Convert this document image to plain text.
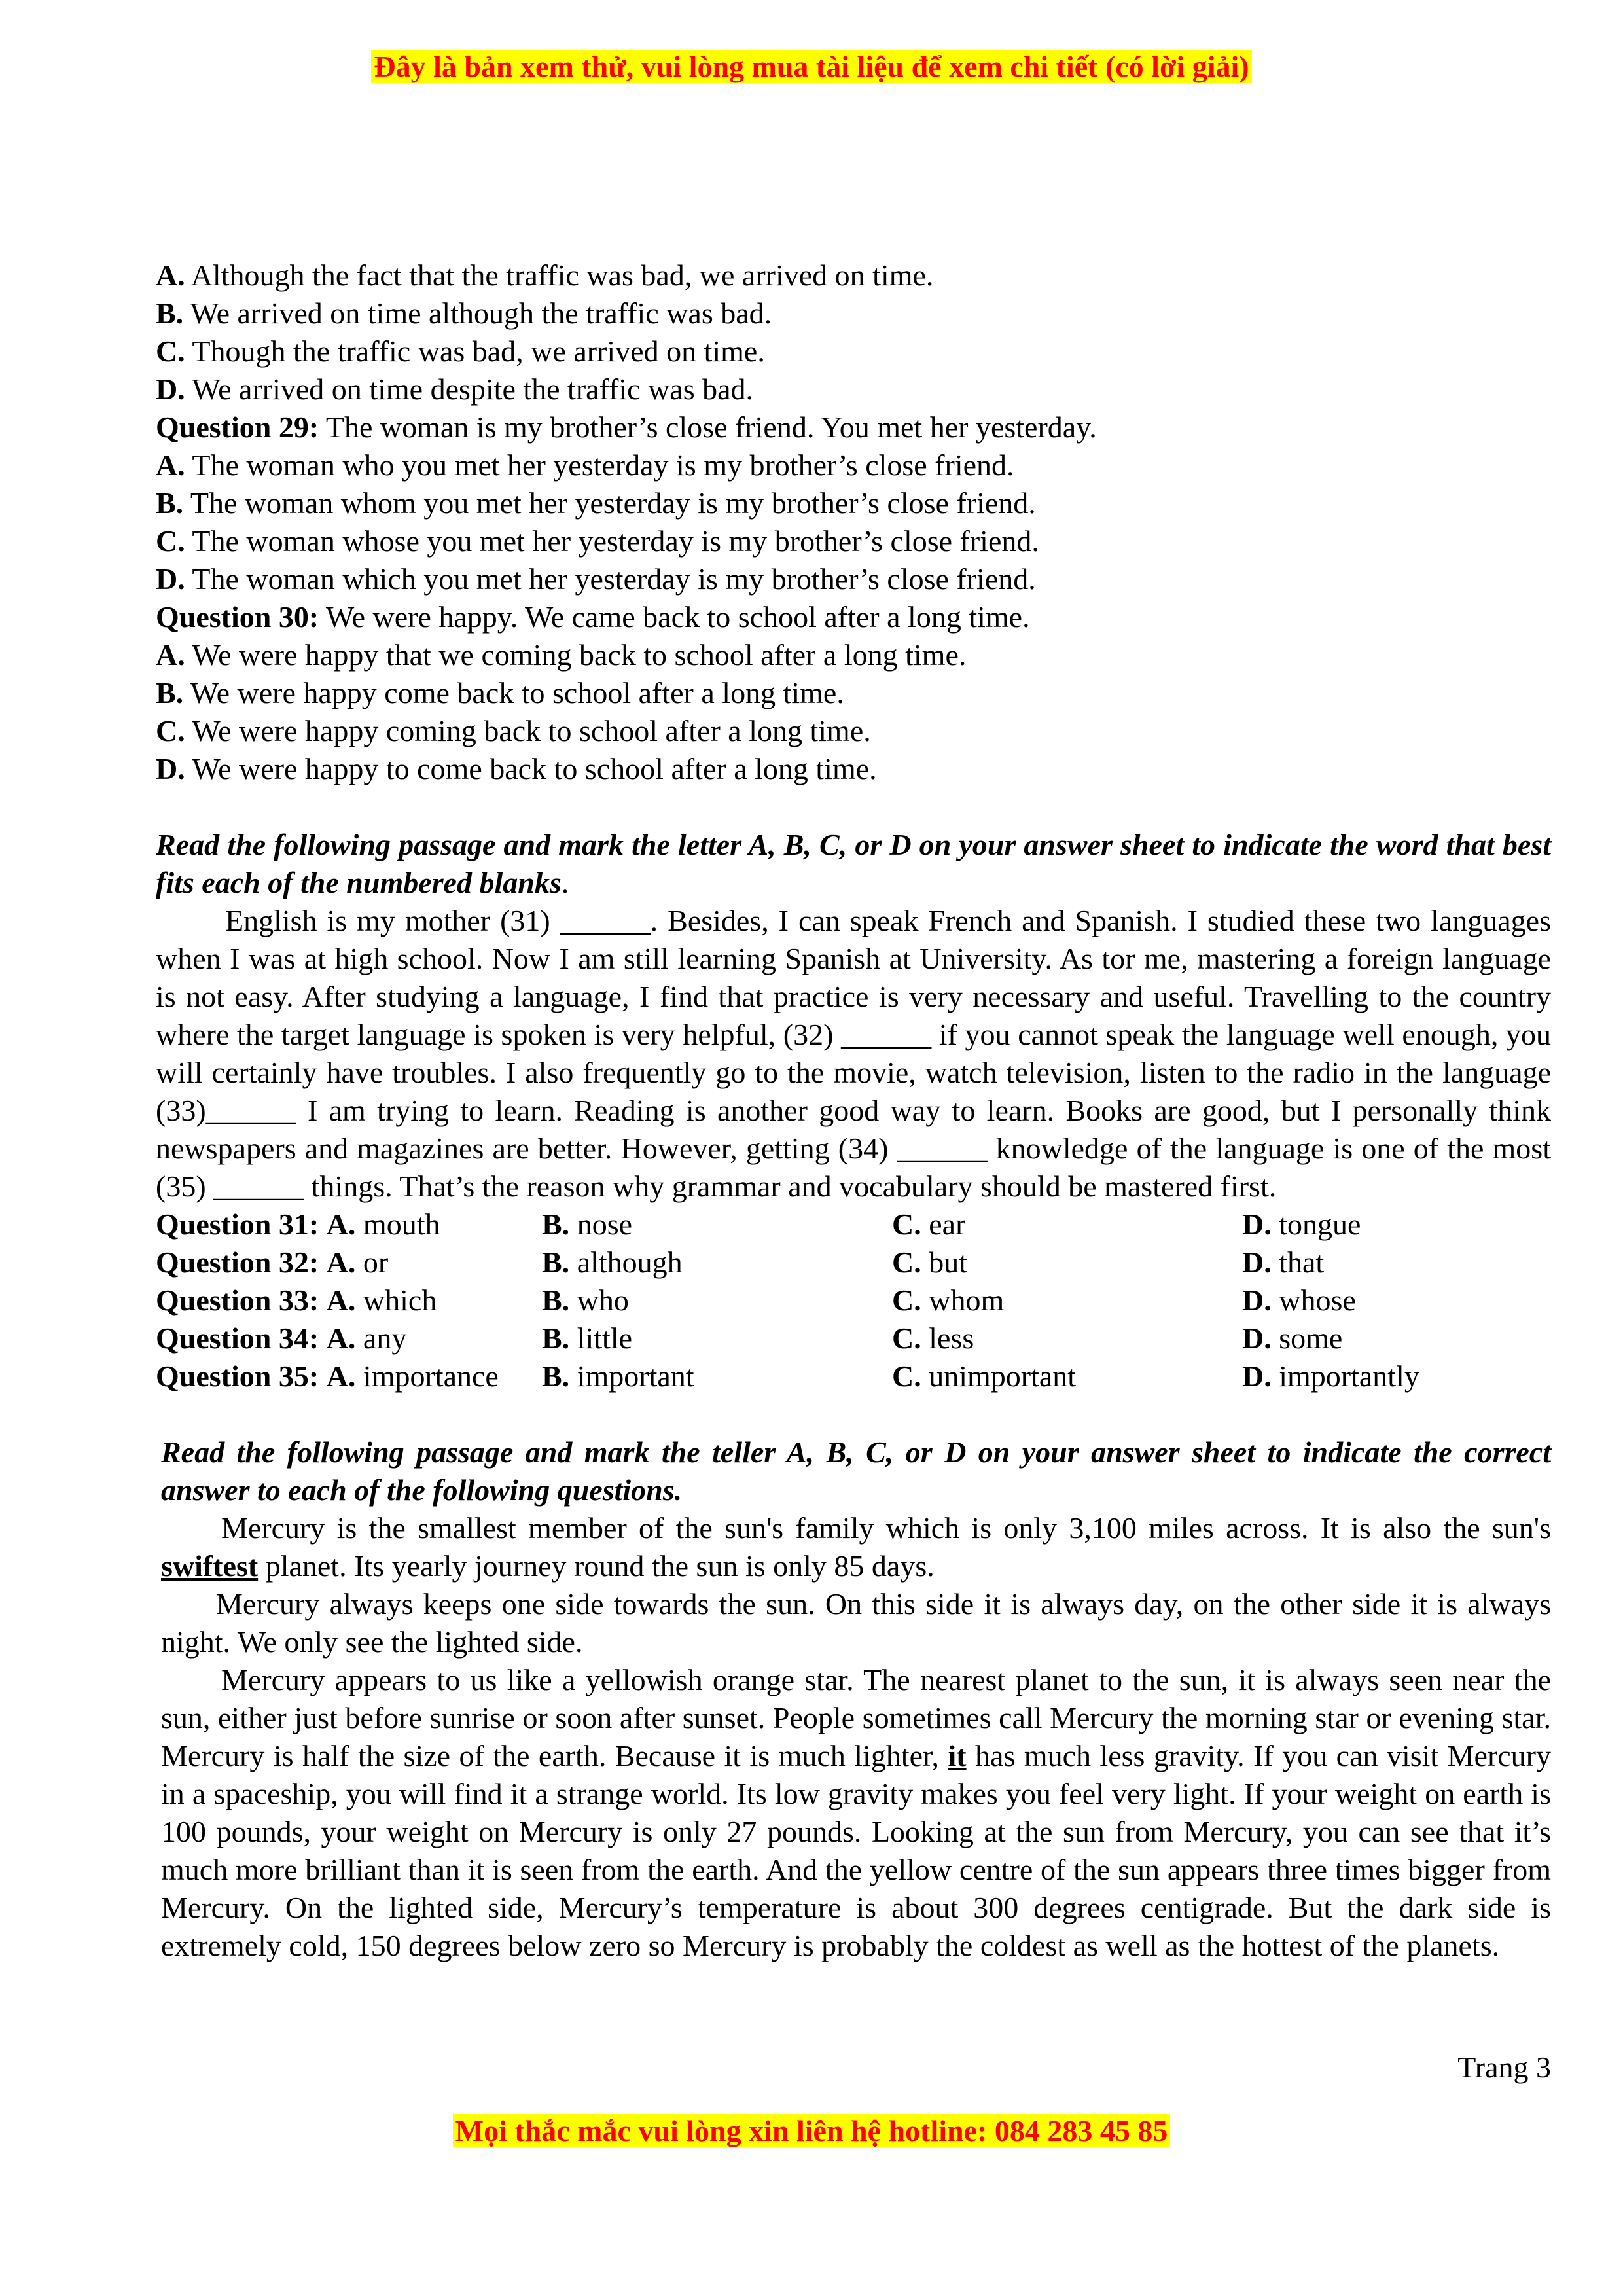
Đây là bản xem thử, vui lòng mua tài liệu để xem chi tiết (có lời giải)
A. Although the fact that the traffic was bad, we arrived on time.
B. We arrived on time although the traffic was bad.
C. Though the traffic was bad, we arrived on time.
D. We arrived on time despite the traffic was bad.
Question 29: The woman is my brother’s close friend. You met her yesterday.
A. The woman who you met her yesterday is my brother’s close friend.
B. The woman whom you met her yesterday is my brother’s close friend.
C. The woman whose you met her yesterday is my brother’s close friend.
D. The woman which you met her yesterday is my brother’s close friend.
Question 30: We were happy. We came back to school after a long time.
A. We were happy that we coming back to school after a long time.
B. We were happy come back to school after a long time.
C. We were happy coming back to school after a long time.
D. We were happy to come back to school after a long time.
Read the following passage and mark the letter A, B, C, or D on your answer sheet to indicate the word that best fits each of the numbered blanks.
English is my mother (31) ______. Besides, I can speak French and Spanish. I studied these two languages when I was at high school. Now I am still learning Spanish at University. As tor me, mastering a foreign language is not easy. After studying a language, I find that practice is very necessary and useful. Travelling to the country where the target language is spoken is very helpful, (32) ______ if you cannot speak the language well enough, you will certainly have troubles. I also frequently go to the movie, watch television, listen to the radio in the language (33)______ I am trying to learn. Reading is another good way to learn. Books are good, but I personally think newspapers and magazines are better. However, getting (34) ______ knowledge of the language is one of the most (35) ______ things. That’s the reason why grammar and vocabulary should be mastered first.
Question 31: A. mouth	B. nose	C. ear	D. tongue
Question 32: A. or	B. although	C. but	D. that
Question 33: A. which	B. who	C. whom	D. whose
Question 34: A. any	B. little	C. less	D. some
Question 35: A. importance	B. important	C. unimportant	D. importantly
Read the following passage and mark the teller A, B, C, or D on your answer sheet to indicate the correct answer to each of the following questions.
Mercury is the smallest member of the sun's family which is only 3,100 miles across. It is also the sun's swiftest planet. Its yearly journey round the sun is only 85 days.
Mercury always keeps one side towards the sun. On this side it is always day, on the other side it is always night. We only see the lighted side.
Mercury appears to us like a yellowish orange star. The nearest planet to the sun, it is always seen near the sun, either just before sunrise or soon after sunset. People sometimes call Mercury the morning star or evening star. Mercury is half the size of the earth. Because it is much lighter, it has much less gravity. If you can visit Mercury in a spaceship, you will find it a strange world. Its low gravity makes you feel very light. If your weight on earth is 100 pounds, your weight on Mercury is only 27 pounds. Looking at the sun from Mercury, you can see that it’s much more brilliant than it is seen from the earth. And the yellow centre of the sun appears three times bigger from Mercury. On the lighted side, Mercury’s temperature is about 300 degrees centigrade. But the dark side is extremely cold, 150 degrees below zero so Mercury is probably the coldest as well as the hottest of the planets.
Trang 3
Mọi thắc mắc vui lòng xin liên hệ hotline: 084 283 45 85
